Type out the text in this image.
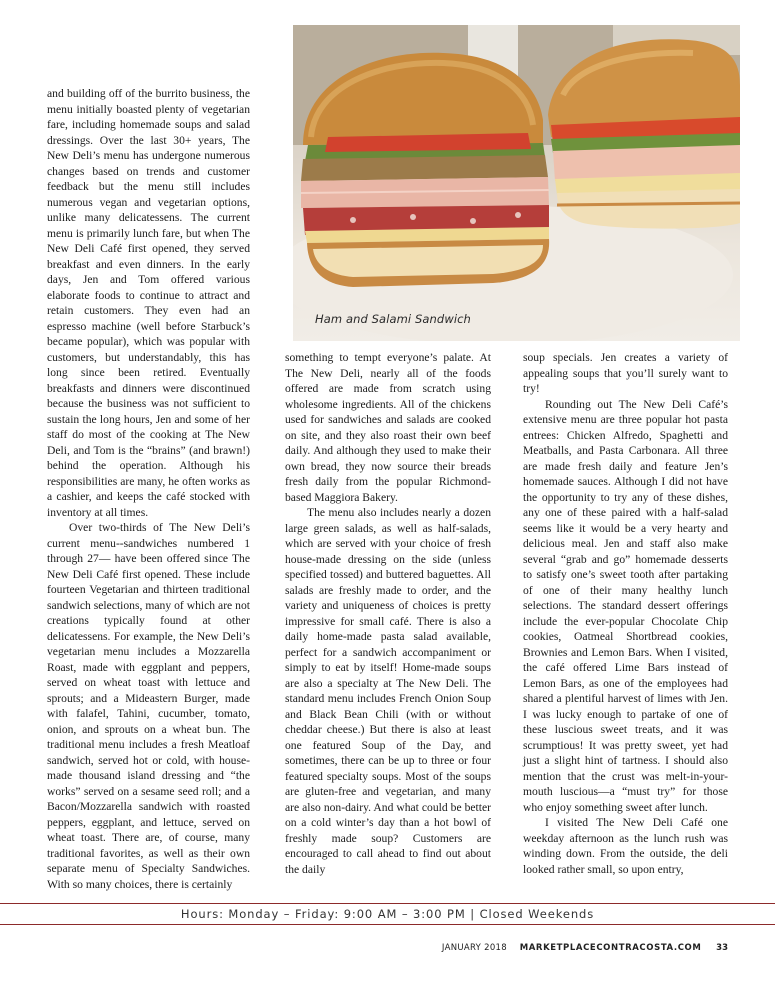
Ham and Salami Sandwich

and building off of the burrito business, the menu initially boasted plenty of vegetarian fare, including homemade soups and salad dressings. Over the last 30+ years, The New Deli’s menu has undergone numerous changes based on trends and customer feedback but the menu still includes numerous vegan and vegetarian options, unlike many delicatessens. The current menu is primarily lunch fare, but when The New Deli Café first opened, they served breakfast and even dinners. In the early days, Jen and Tom offered various elaborate foods to continue to attract and retain customers. They even had an espresso machine (well before Starbuck’s became popular), which was popular with customers, but understandably, this has long since been retired. Eventually breakfasts and dinners were discontinued because the business was not sufficient to sustain the long hours, Jen and some of her staff do most of the cooking at The New Deli, and Tom is the “brains” (and brawn!) behind the operation. Although his responsibilities are many, he often works as a cashier, and keeps the café stocked with inventory at all times.

Over two-thirds of The New Deli’s current menu--sandwiches numbered 1 through 27— have been offered since The New Deli Café first opened. These include fourteen Vegetarian and thirteen traditional sandwich selections, many of which are not creations typically found at other delicatessens. For example, the New Deli’s vegetarian menu includes a Mozzarella Roast, made with eggplant and peppers, served on wheat toast with lettuce and sprouts; and a Mideastern Burger, made with falafel, Tahini, cucumber, tomato, onion, and sprouts on a wheat bun. The traditional menu includes a fresh Meatloaf sandwich, served hot or cold, with house-made thousand island dressing and “the works” served on a sesame seed roll; and a Bacon/Mozzarella sandwich with roasted peppers, eggplant, and lettuce, served on wheat toast. There are, of course, many traditional favorites, as well as their own separate menu of Specialty Sandwiches. With so many choices, there is certainly

something to tempt everyone’s palate. At The New Deli, nearly all of the foods offered are made from scratch using wholesome ingredients. All of the chickens used for sandwiches and salads are cooked on site, and they also roast their own beef daily. And although they used to make their own bread, they now source their breads fresh daily from the popular Richmond-based Maggiora Bakery.

The menu also includes nearly a dozen large green salads, as well as half-salads, which are served with your choice of fresh house-made dressing on the side (unless specified tossed) and buttered baguettes. All salads are freshly made to order, and the variety and uniqueness of choices is pretty impressive for small café. There is also a daily home-made pasta salad available, perfect for a sandwich accompaniment or simply to eat by itself! Home-made soups are also a specialty at The New Deli. The standard menu includes French Onion Soup and Black Bean Chili (with or without cheddar cheese.) But there is also at least one featured Soup of the Day, and sometimes, there can be up to three or four featured specialty soups. Most of the soups are gluten-free and vegetarian, and many are also non-dairy. And what could be better on a cold winter’s day than a hot bowl of freshly made soup? Customers are encouraged to call ahead to find out about the daily

soup specials. Jen creates a variety of appealing soups that you’ll surely want to try!

Rounding out The New Deli Café’s extensive menu are three popular hot pasta entrees: Chicken Alfredo, Spaghetti and Meatballs, and Pasta Carbonara. All three are made fresh daily and feature Jen’s homemade sauces. Although I did not have the opportunity to try any of these dishes, any one of these paired with a half-salad seems like it would be a very hearty and delicious meal. Jen and staff also make several “grab and go” homemade desserts to satisfy one’s sweet tooth after partaking of one of their many healthy lunch selections. The standard dessert offerings include the ever-popular Chocolate Chip cookies, Oatmeal Shortbread cookies, Brownies and Lemon Bars. When I visited, the café offered Lime Bars instead of Lemon Bars, as one of the employees had shared a plentiful harvest of limes with Jen. I was lucky enough to partake of one of these luscious sweet treats, and it was scrumptious! It was pretty sweet, yet had just a slight hint of tartness. I should also mention that the crust was melt-in-your-mouth luscious—a “must try” for those who enjoy something sweet after lunch.

I visited The New Deli Café one weekday afternoon as the lunch rush was winding down. From the outside, the deli looked rather small, so upon entry,

Hours: Monday – Friday: 9:00 AM – 3:00 PM | Closed Weekends
JANUARY 2018 MARKETPLACECONTRACOSTA.COM 33
